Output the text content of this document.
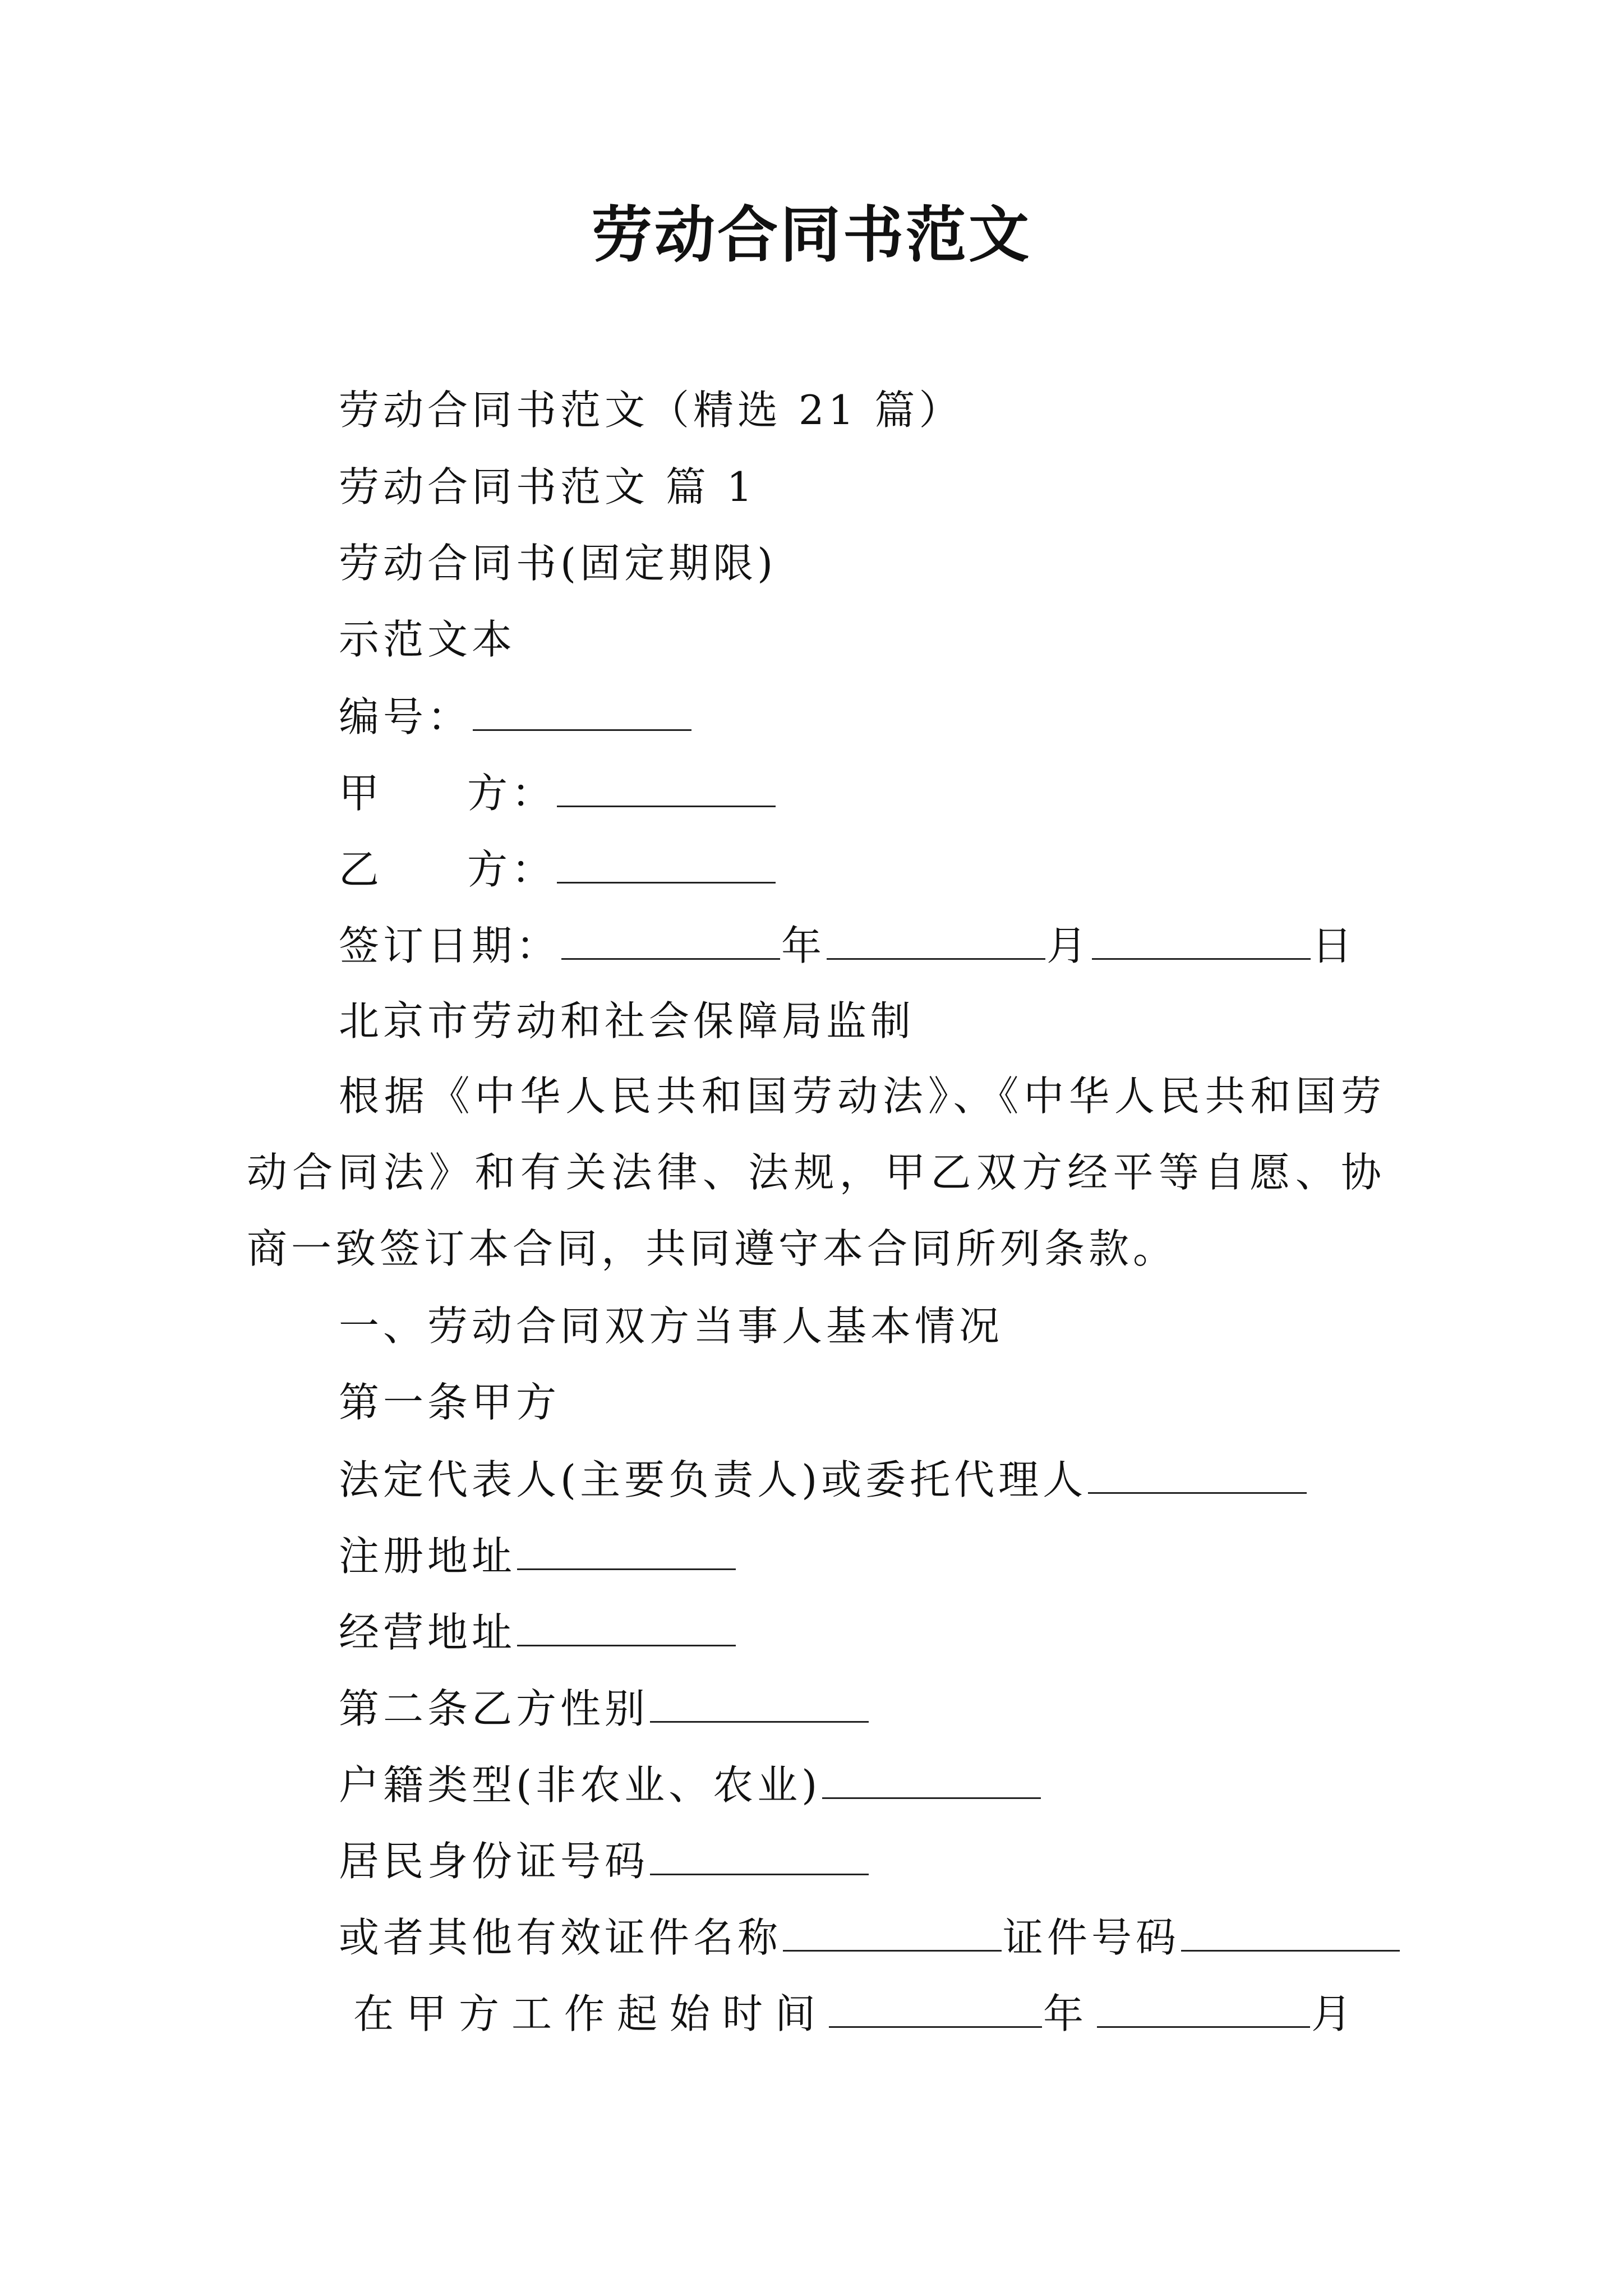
劳动合同书范文
劳动合同书范文（精选 21 篇）
劳动合同书范文 篇 1
劳动合同书(固定期限)
示范文本
编号：
甲 方：
乙 方：
签订日期：	年	月	日
北京市劳动和社会保障局监制
根据《中华人民共和国劳动法》、《中华人民共和国劳动合同法》和有关法律、法规，甲乙双方经平等自愿、协商一致签订本合同，共同遵守本合同所列条款。
一、劳动合同双方当事人基本情况
第一条甲方
法定代表人(主要负责人)或委托代理人
注册地址
经营地址
第二条乙方性别
户籍类型(非农业、农业)
居民身份证号码
或者其他有效证件名称	证件号码
在甲方工作起始时间	年	月
